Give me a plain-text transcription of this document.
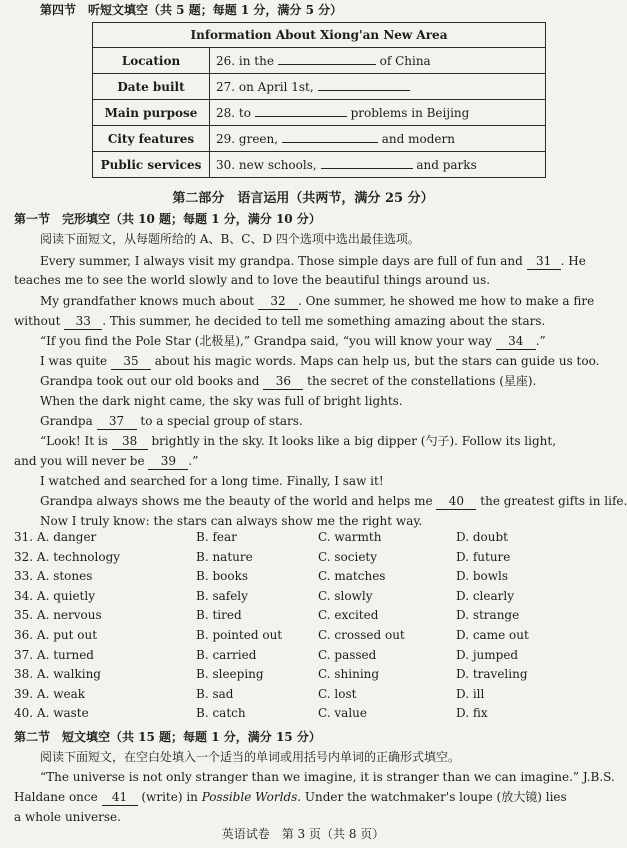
第四节　听短文填空（共 5 题；每题 1 分，满分 5 分）
Information About Xiong'an New Area	
Location	26. in the of China
Date built	27. on April 1st,
Main purpose	28. to problems in Beijing
City features	29. green, and modern
Public services	30. new schools, and parks
第二部分　语言运用（共两节，满分 25 分）
第一节　完形填空（共 10 题；每题 1 分，满分 10 分）
阅读下面短文，从每题所给的 A、B、C、D 四个选项中选出最佳选项。
Every summer, I always visit my grandpa. Those simple days are full of fun and 31 . He
teaches me to see the world slowly and to love the beautiful things around us.
My grandfather knows much about 32 . One summer, he showed me how to make a fire
without 33 . This summer, he decided to tell me something amazing about the stars.
“If you find the Pole Star (北极星),” Grandpa said, “you will know your way 34 .”
I was quite 35 about his magic words. Maps can help us, but the stars can guide us too.
Grandpa took out our old books and 36 the secret of the constellations (星座).
When the dark night came, the sky was full of bright lights.
Grandpa 37 to a special group of stars.
“Look! It is 38 brightly in the sky. It looks like a big dipper (勺子). Follow its light,
and you will never be 39 .”
I watched and searched for a long time. Finally, I saw it!
Grandpa always shows me the beauty of the world and helps me 40 the greatest gifts in life.
Now I truly know: the stars can always show me the right way.
31. A. danger	B. fear	C. warmth	D. doubt
32. A. technology	B. nature	C. society	D. future
33. A. stones	B. books	C. matches	D. bowls
34. A. quietly	B. safely	C. slowly	D. clearly
35. A. nervous	B. tired	C. excited	D. strange
36. A. put out	B. pointed out	C. crossed out	D. came out
37. A. turned	B. carried	C. passed	D. jumped
38. A. walking	B. sleeping	C. shining	D. traveling
39. A. weak	B. sad	C. lost	D. ill
40. A. waste	B. catch	C. value	D. fix
第二节　短文填空（共 15 题；每题 1 分，满分 15 分）
阅读下面短文，在空白处填入一个适当的单词或用括号内单词的正确形式填空。
“The universe is not only stranger than we imagine, it is stranger than we can imagine.” J.B.S.
Haldane once 41 (write) in Possible Worlds. Under the watchmaker's loupe (放大镜) lies
a whole universe.
英语试卷　第 3 页（共 8 页）
